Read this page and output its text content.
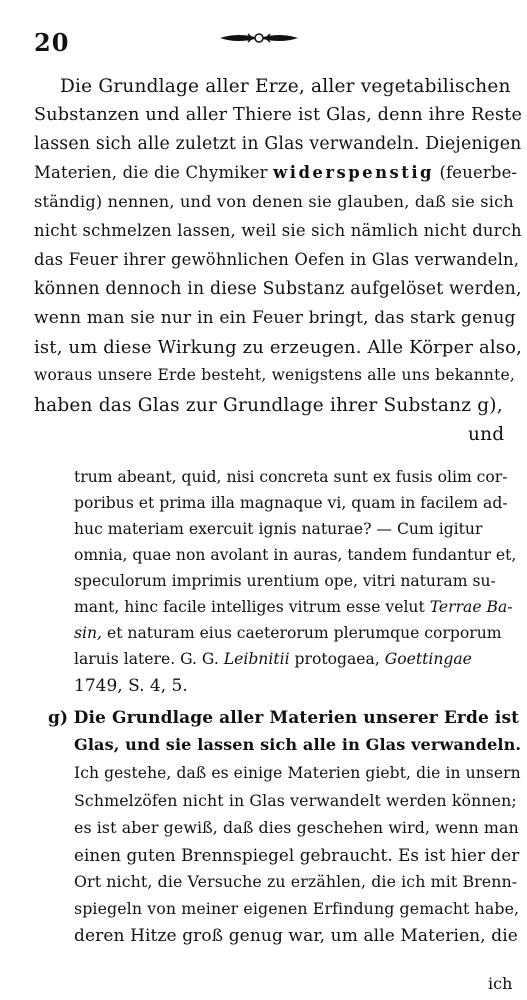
20

Die Grundlage aller Erze, aller vegetabilischen

Substanzen und aller Thiere ist Glas, denn ihre Reste

lassen sich alle zuletzt in Glas verwandeln. Diejenigen

Materien, die die Chymiker widerspenstig (feuerbe-

ständig) nennen, und von denen sie glauben, daß sie sich

nicht schmelzen lassen, weil sie sich nämlich nicht durch

das Feuer ihrer gewöhnlichen Oefen in Glas verwandeln,

können dennoch in diese Substanz aufgelöset werden,

wenn man sie nur in ein Feuer bringt, das stark genug

ist, um diese Wirkung zu erzeugen. Alle Körper also,

woraus unsere Erde besteht, wenigstens alle uns bekannte,

haben das Glas zur Grundlage ihrer Substanz g),

und

trum abeant, quid, nisi concreta sunt ex fusis olim cor-

poribus et prima illa magnaque vi, quam in facilem ad-

huc materiam exercuit ignis naturae? — Cum igitur

omnia, quae non avolant in auras, tandem fundantur et,

speculorum imprimis urentium ope, vitri naturam su-

mant, hinc facile intelliges vitrum esse velut Terrae Ba-

sin, et naturam eius caeterorum plerumque corporum

laruis latere. G. G. Leibnitii protogaea, Goettingae

1749, S. 4, 5.

g) Die Grundlage aller Materien unserer Erde ist

Glas, und sie lassen sich alle in Glas verwandeln.

Ich gestehe, daß es einige Materien giebt, die in unsern

Schmelzöfen nicht in Glas verwandelt werden können;

es ist aber gewiß, daß dies geschehen wird, wenn man

einen guten Brennspiegel gebraucht. Es ist hier der

Ort nicht, die Versuche zu erzählen, die ich mit Brenn-

spiegeln von meiner eigenen Erfindung gemacht habe,

deren Hitze groß genug war, um alle Materien, die

ich
